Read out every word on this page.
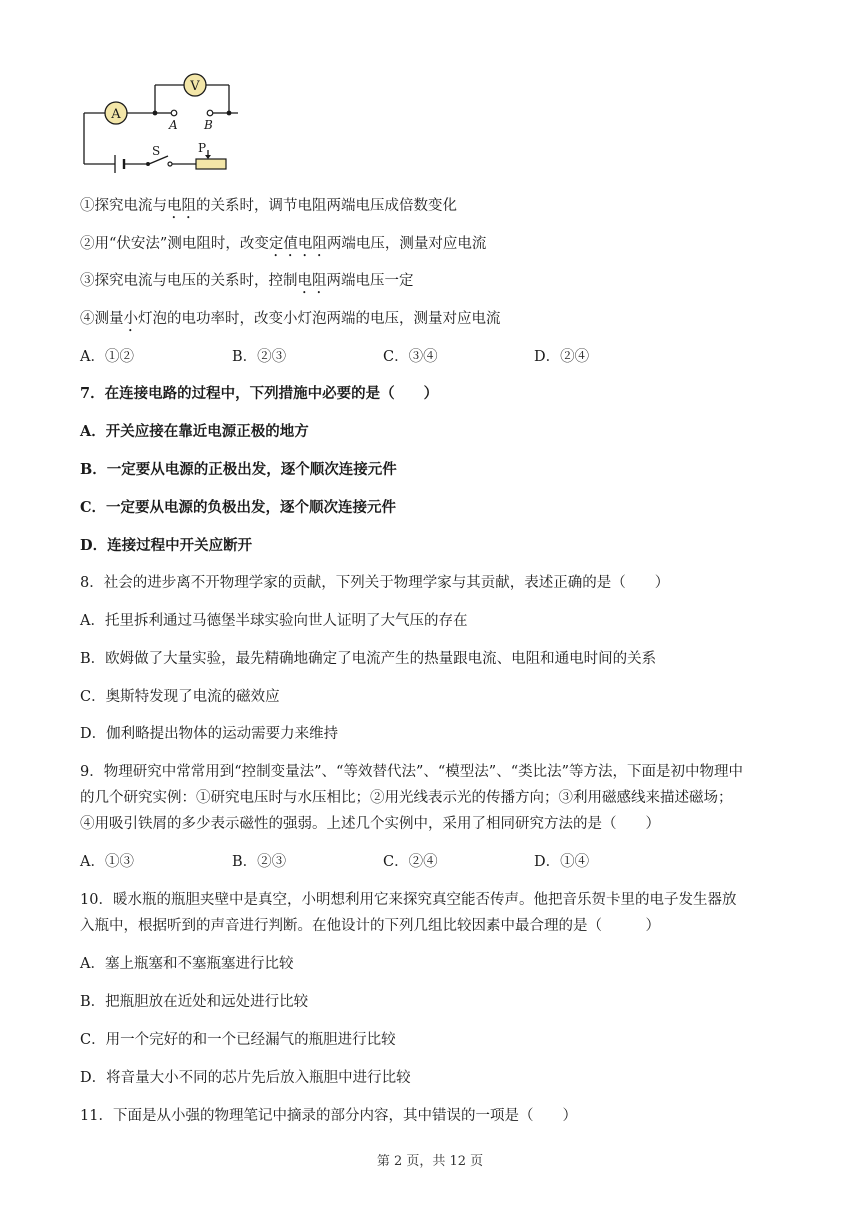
A
V
A B
S	P
①探究电流与电阻的关系时，调节电阻两端电压成倍数变化
②用“伏安法”测电阻时，改变定值电阻两端电压，测量对应电流
③探究电流与电压的关系时，控制电阻两端电压一定
④测量小灯泡的电功率时，改变小灯泡两端的电压，测量对应电流
A．①②	B．②③	C．③④	D．②④
7．在连接电路的过程中，下列措施中必要的是（　　）
A．开关应接在靠近电源正极的地方
B．一定要从电源的正极出发，逐个顺次连接元件
C．一定要从电源的负极出发，逐个顺次连接元件
D．连接过程中开关应断开
8．社会的进步离不开物理学家的贡献，下列关于物理学家与其贡献，表述正确的是（　　）
A．托里拆利通过马德堡半球实验向世人证明了大气压的存在
B．欧姆做了大量实验，最先精确地确定了电流产生的热量跟电流、电阻和通电时间的关系
C．奥斯特发现了电流的磁效应
D．伽利略提出物体的运动需要力来维持
9．物理研究中常常用到“控制变量法”、“等效替代法”、“模型法”、“类比法”等方法，下面是初中物理中
的几个研究实例：①研究电压时与水压相比；②用光线表示光的传播方向；③利用磁感线来描述磁场；
④用吸引铁屑的多少表示磁性的强弱。上述几个实例中，采用了相同研究方法的是（　　）
A．①③	B．②③	C．②④	D．①④
10．暖水瓶的瓶胆夹壁中是真空，小明想利用它来探究真空能否传声。他把音乐贺卡里的电子发生器放
入瓶中，根据听到的声音进行判断。在他设计的下列几组比较因素中最合理的是（　　　）
A．塞上瓶塞和不塞瓶塞进行比较
B．把瓶胆放在近处和远处进行比较
C．用一个完好的和一个已经漏气的瓶胆进行比较
D．将音量大小不同的芯片先后放入瓶胆中进行比较
11．下面是从小强的物理笔记中摘录的部分内容，其中错误的一项是（　　）
第 2 页，共 12 页
